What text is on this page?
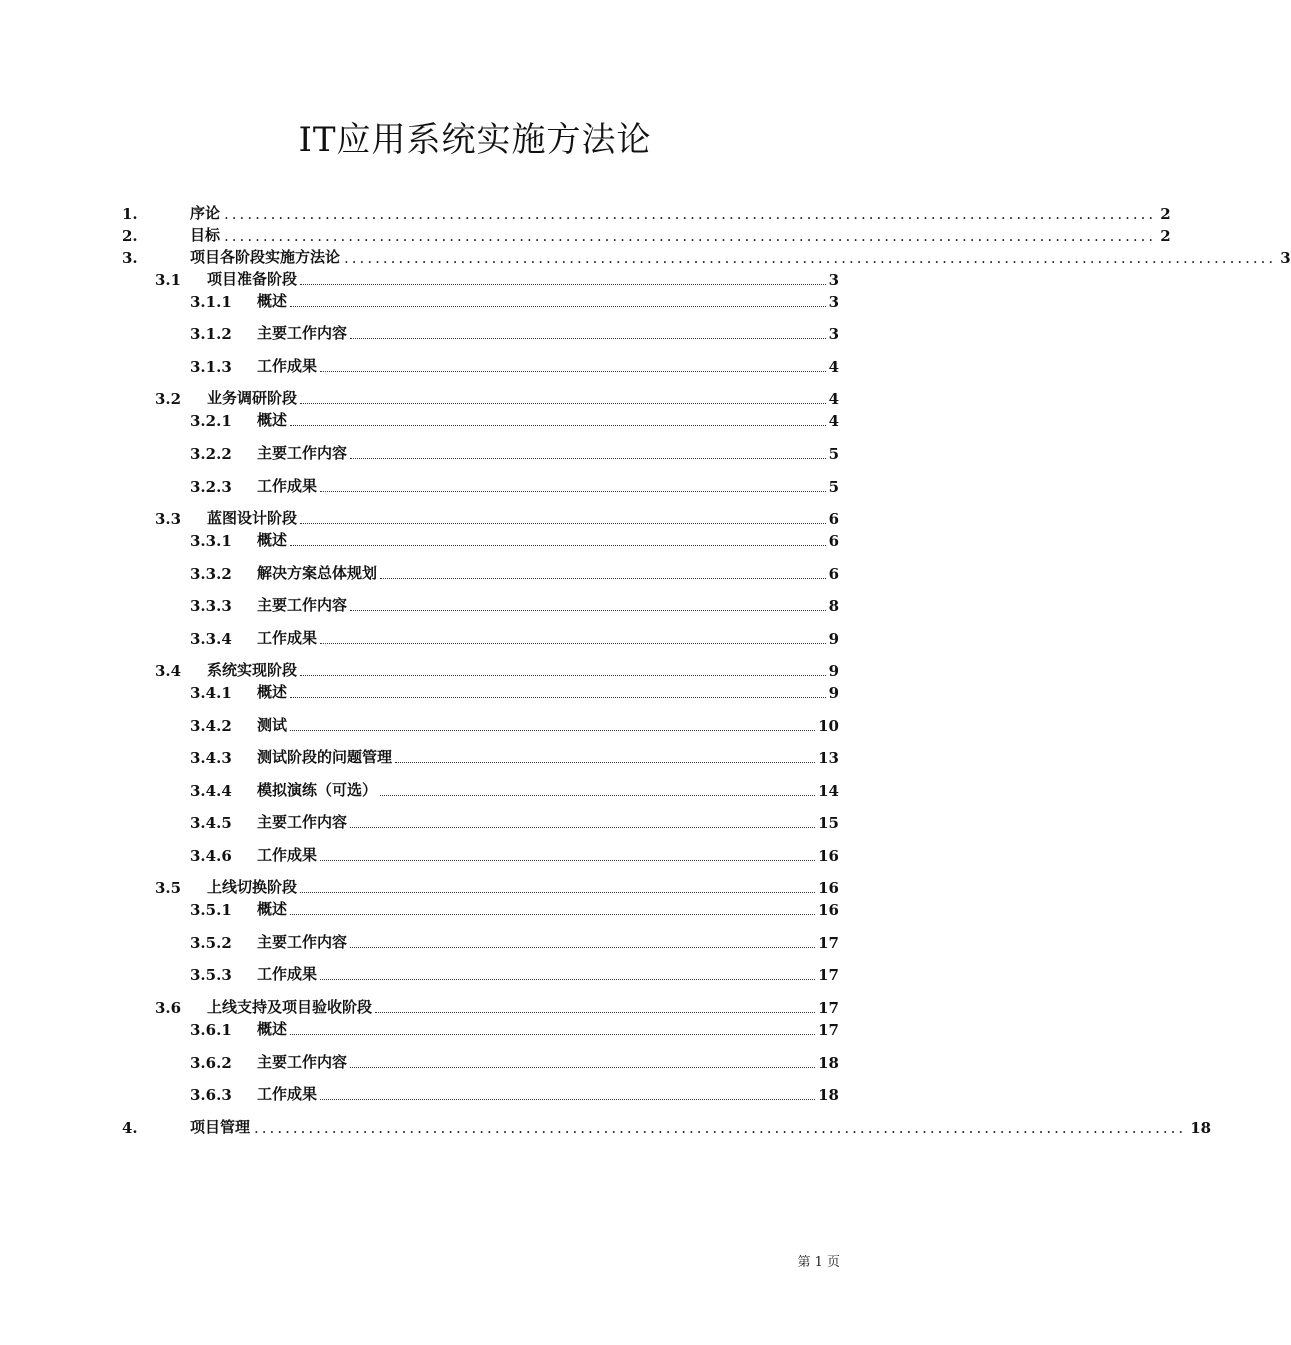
IT应用系统实施方法论
1.	序论 ........................................................................................................................ 2
2.	目标 ........................................................................................................................ 2
3.	项目各阶段实施方法论 ........................................................................................................................ 3
3.1 项目准备阶段	3
3.1.1 概述	3
3.1.2 主要工作内容	3
3.1.3 工作成果	4
3.2 业务调研阶段	4
3.2.1 概述	4
3.2.2 主要工作内容	5
3.2.3 工作成果	5
3.3 蓝图设计阶段	6
3.3.1 概述	6
3.3.2 解决方案总体规划	6
3.3.3 主要工作内容	8
3.3.4 工作成果	9
3.4 系统实现阶段	9
3.4.1 概述	9
3.4.2 测试	10
3.4.3 测试阶段的问题管理	13
3.4.4 模拟演练（可选）	14
3.4.5 主要工作内容	15
3.4.6 工作成果	16
3.5 上线切换阶段	16
3.5.1 概述	16
3.5.2 主要工作内容	17
3.5.3 工作成果	17
3.6 上线支持及项目验收阶段	17
3.6.1 概述	17
3.6.2 主要工作内容	18
3.6.3 工作成果	18
4.	项目管理 ........................................................................................................................ 18
第 1 页
